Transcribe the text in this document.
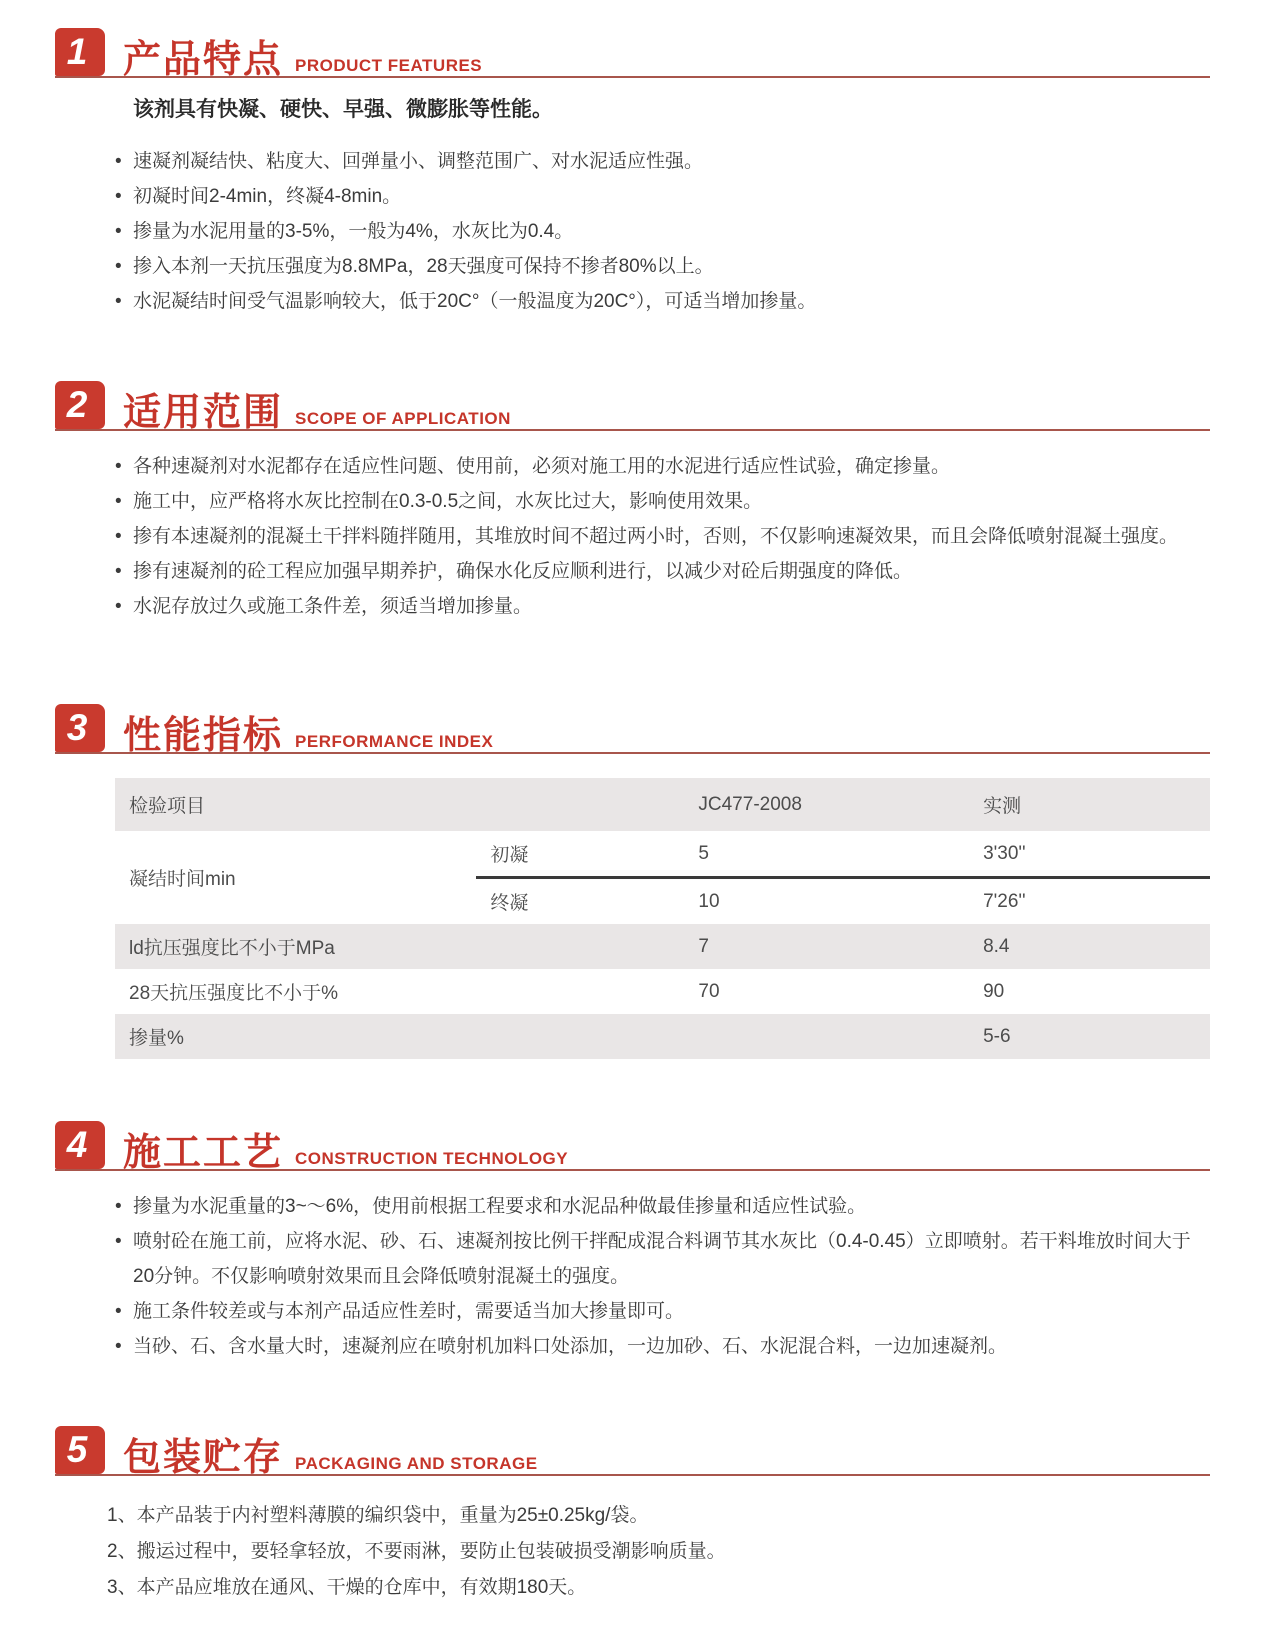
1 产品特点 PRODUCT FEATURES

该剂具有快凝、硬快、早强、微膨胀等性能。

• 速凝剂凝结快、粘度大、回弹量小、调整范围广、对水泥适应性强。
• 初凝时间2-4min，终凝4-8min。
• 掺量为水泥用量的3-5%，一般为4%，水灰比为0.4。
• 掺入本剂一天抗压强度为8.8MPa，28天强度可保持不掺者80%以上。
• 水泥凝结时间受气温影响较大，低于20C°（一般温度为20C°），可适当增加掺量。
2 适用范围 SCOPE OF APPLICATION
• 各种速凝剂对水泥都存在适应性问题、使用前，必须对施工用的水泥进行适应性试验，确定掺量。
• 施工中，应严格将水灰比控制在0.3-0.5之间，水灰比过大，影响使用效果。
• 掺有本速凝剂的混凝土干拌料随拌随用，其堆放时间不超过两小时，否则，不仅影响速凝效果，而且会降低喷射混凝土强度。
• 掺有速凝剂的砼工程应加强早期养护，确保水化反应顺利进行，以减少对砼后期强度的降低。
• 水泥存放过久或施工条件差，须适当增加掺量。
3 性能指标 PERFORMANCE INDEX
检验项目		JC477-2008	实测
凝结时间min	初凝	5	3'30''
	终凝	10	7'26''
ld抗压强度比不小于MPa		7	8.4
28天抗压强度比不小于%		70	90
掺量%			5-6
4 施工工艺 CONSTRUCTION TECHNOLOGY
• 掺量为水泥重量的3~～6%，使用前根据工程要求和水泥品种做最佳掺量和适应性试验。
• 喷射砼在施工前，应将水泥、砂、石、速凝剂按比例干拌配成混合料调节其水灰比（0.4-0.45）立即喷射。若干料堆放时间大于20分钟。不仅影响喷射效果而且会降低喷射混凝土的强度。
• 施工条件较差或与本剂产品适应性差时，需要适当加大掺量即可。
• 当砂、石、含水量大时，速凝剂应在喷射机加料口处添加，一边加砂、石、水泥混合料，一边加速凝剂。
5 包装贮存 PACKAGING AND STORAGE
1、本产品装于内衬塑料薄膜的编织袋中，重量为25±0.25kg/袋。
2、搬运过程中，要轻拿轻放，不要雨淋，要防止包装破损受潮影响质量。
3、本产品应堆放在通风、干燥的仓库中，有效期180天。
